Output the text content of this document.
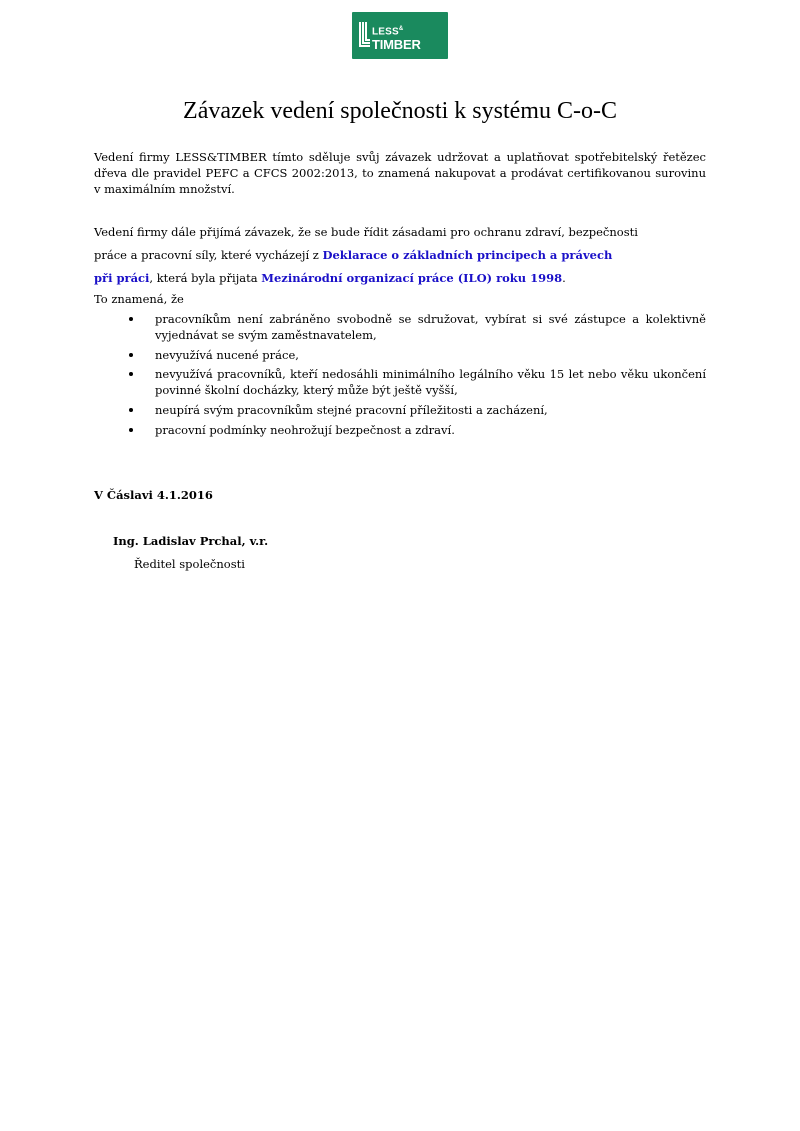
LESS&
TIMBER
Závazek vedení společnosti k systému C-o-C
Vedení firmy LESS&TIMBER tímto sděluje svůj závazek udržovat a uplatňovat spotřebitelský řetězec dřeva dle pravidel PEFC a CFCS 2002:2013, to znamená nakupovat a prodávat certifikovanou surovinu v maximálním množství.
Vedení firmy dále přijímá závazek, že se bude řídit zásadami pro ochranu zdraví, bezpečnosti
práce a pracovní síly, které vycházejí z Deklarace o základních principech a právech
při práci, která byla přijata Mezinárodní organizací práce (ILO) roku 1998.
To znamená, že
pracovníkům není zabráněno svobodně se sdružovat, vybírat si své zástupce a kolektivně vyjednávat se svým zaměstnavatelem,
nevyužívá nucené práce,
nevyužívá pracovníků, kteří nedosáhli minimálního legálního věku 15 let nebo věku ukončení povinné školní docházky, který může být ještě vyšší,
neupírá svým pracovníkům stejné pracovní příležitosti a zacházení,
pracovní podmínky neohrožují bezpečnost a zdraví.
V Čáslavi 4.1.2016
Ing. Ladislav Prchal, v.r.
Ředitel společnosti
